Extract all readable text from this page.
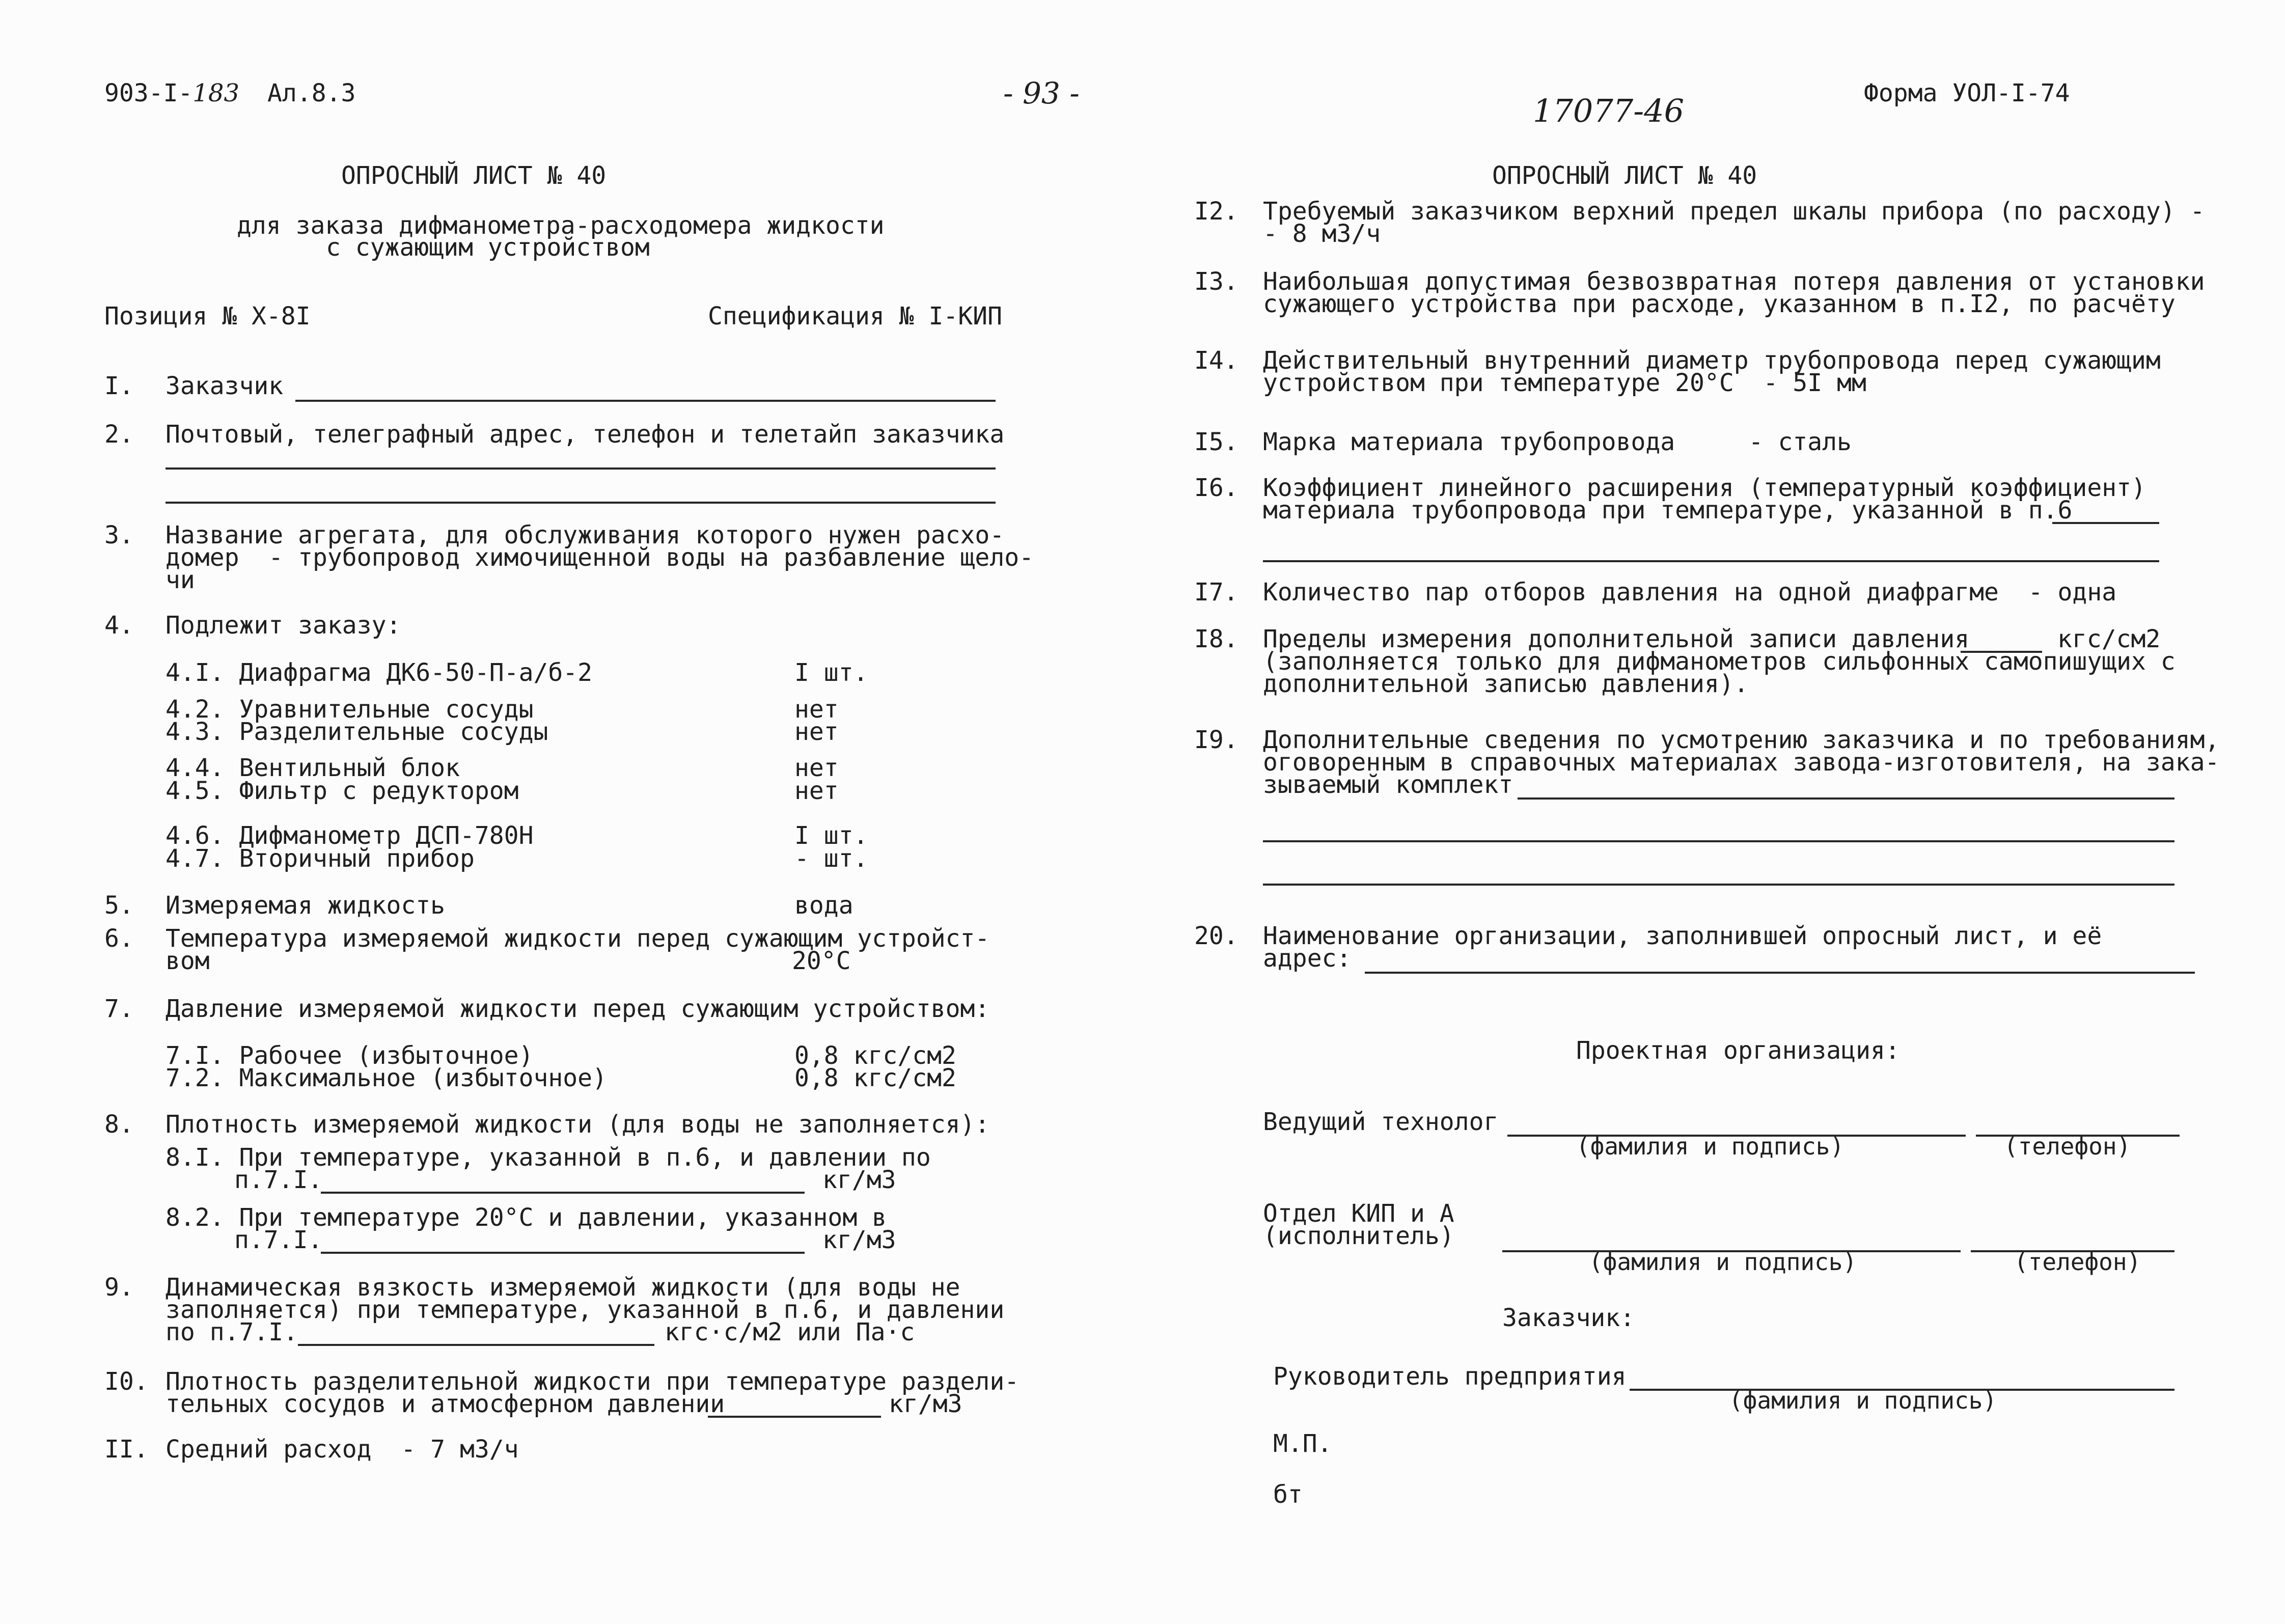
903-I-183 Ал.8.3	- 93 -
ОПРОСНЫЙ ЛИСТ № 40
для заказа дифманометра-расходомера жидкости
с сужающим устройством
Позиция № Х-8I	Спецификация № I-КИП
I. Заказчик
2. Почтовый, телеграфный адрес, телефон и телетайп заказчика
3. Название агрегата, для обслуживания которого нужен расхо-
домер  - трубопровод химочищенной воды на разбавление щело-
чи
4. Подлежит заказу:
4.I. Диафрагма ДК6-50-П-а/б-2	I шт.
4.2. Уравнительные сосуды	нет
4.3. Разделительные сосуды	нет
4.4. Вентильный блок	нет
4.5. Фильтр с редуктором	нет
4.6. Дифманометр ДСП-780Н	I шт.
4.7. Вторичный прибор	- шт.
5. Измеряемая жидкость	вода
6. Температура измеряемой жидкости перед сужающим устройст-
вом	20°С
7. Давление измеряемой жидкости перед сужающим устройством:
7.I. Рабочее (избыточное)	0,8 кгс/см2
7.2. Максимальное (избыточное)	0,8 кгс/см2
8. Плотность измеряемой жидкости (для воды не заполняется):
8.I. При температуре, указанной в п.6, и давлении по
п.7.I.	кг/м3
8.2. При температуре 20°С и давлении, указанном в
п.7.I.	кг/м3
9. Динамическая вязкость измеряемой жидкости (для воды не
заполняется) при температуре, указанной в п.6, и давлении
по п.7.I.	кгс·с/м2 или Па·с
I0. Плотность разделительной жидкости при температуре раздели-
тельных сосудов и атмосферном давлении	кг/м3
II. Средний расход  - 7 м3/ч
17077-46	Форма УОЛ-I-74
ОПРОСНЫЙ ЛИСТ № 40
I2. Требуемый заказчиком верхний предел шкалы прибора (по расходу) -
- 8 м3/ч
I3. Наибольшая допустимая безвозвратная потеря давления от установки
сужающего устройства при расходе, указанном в п.I2, по расчёту
I4. Действительный внутренний диаметр трубопровода перед сужающим
устройством при температуре 20°С  - 5I мм
I5. Марка материала трубопровода     - сталь
I6. Коэффициент линейного расширения (температурный коэффициент)
материала трубопровода при температуре, указанной в п.6
I7. Количество пар отборов давления на одной диафрагме  - одна
I8. Пределы измерения дополнительной записи давления	кгс/см2
(заполняется только для дифманометров сильфонных самопишущих с
дополнительной записью давления).
I9. Дополнительные сведения по усмотрению заказчика и по требованиям,
оговоренным в справочных материалах завода-изготовителя, на зака-
зываемый комплект
20. Наименование организации, заполнившей опросный лист, и её
адрес:
Проектная организация:
Ведущий технолог
(фамилия и подпись)	(телефон)
Отдел КИП и А
(исполнитель)
(фамилия и подпись)	(телефон)
Заказчик:
Руководитель предприятия
(фамилия и подпись)
М.П.
бт
